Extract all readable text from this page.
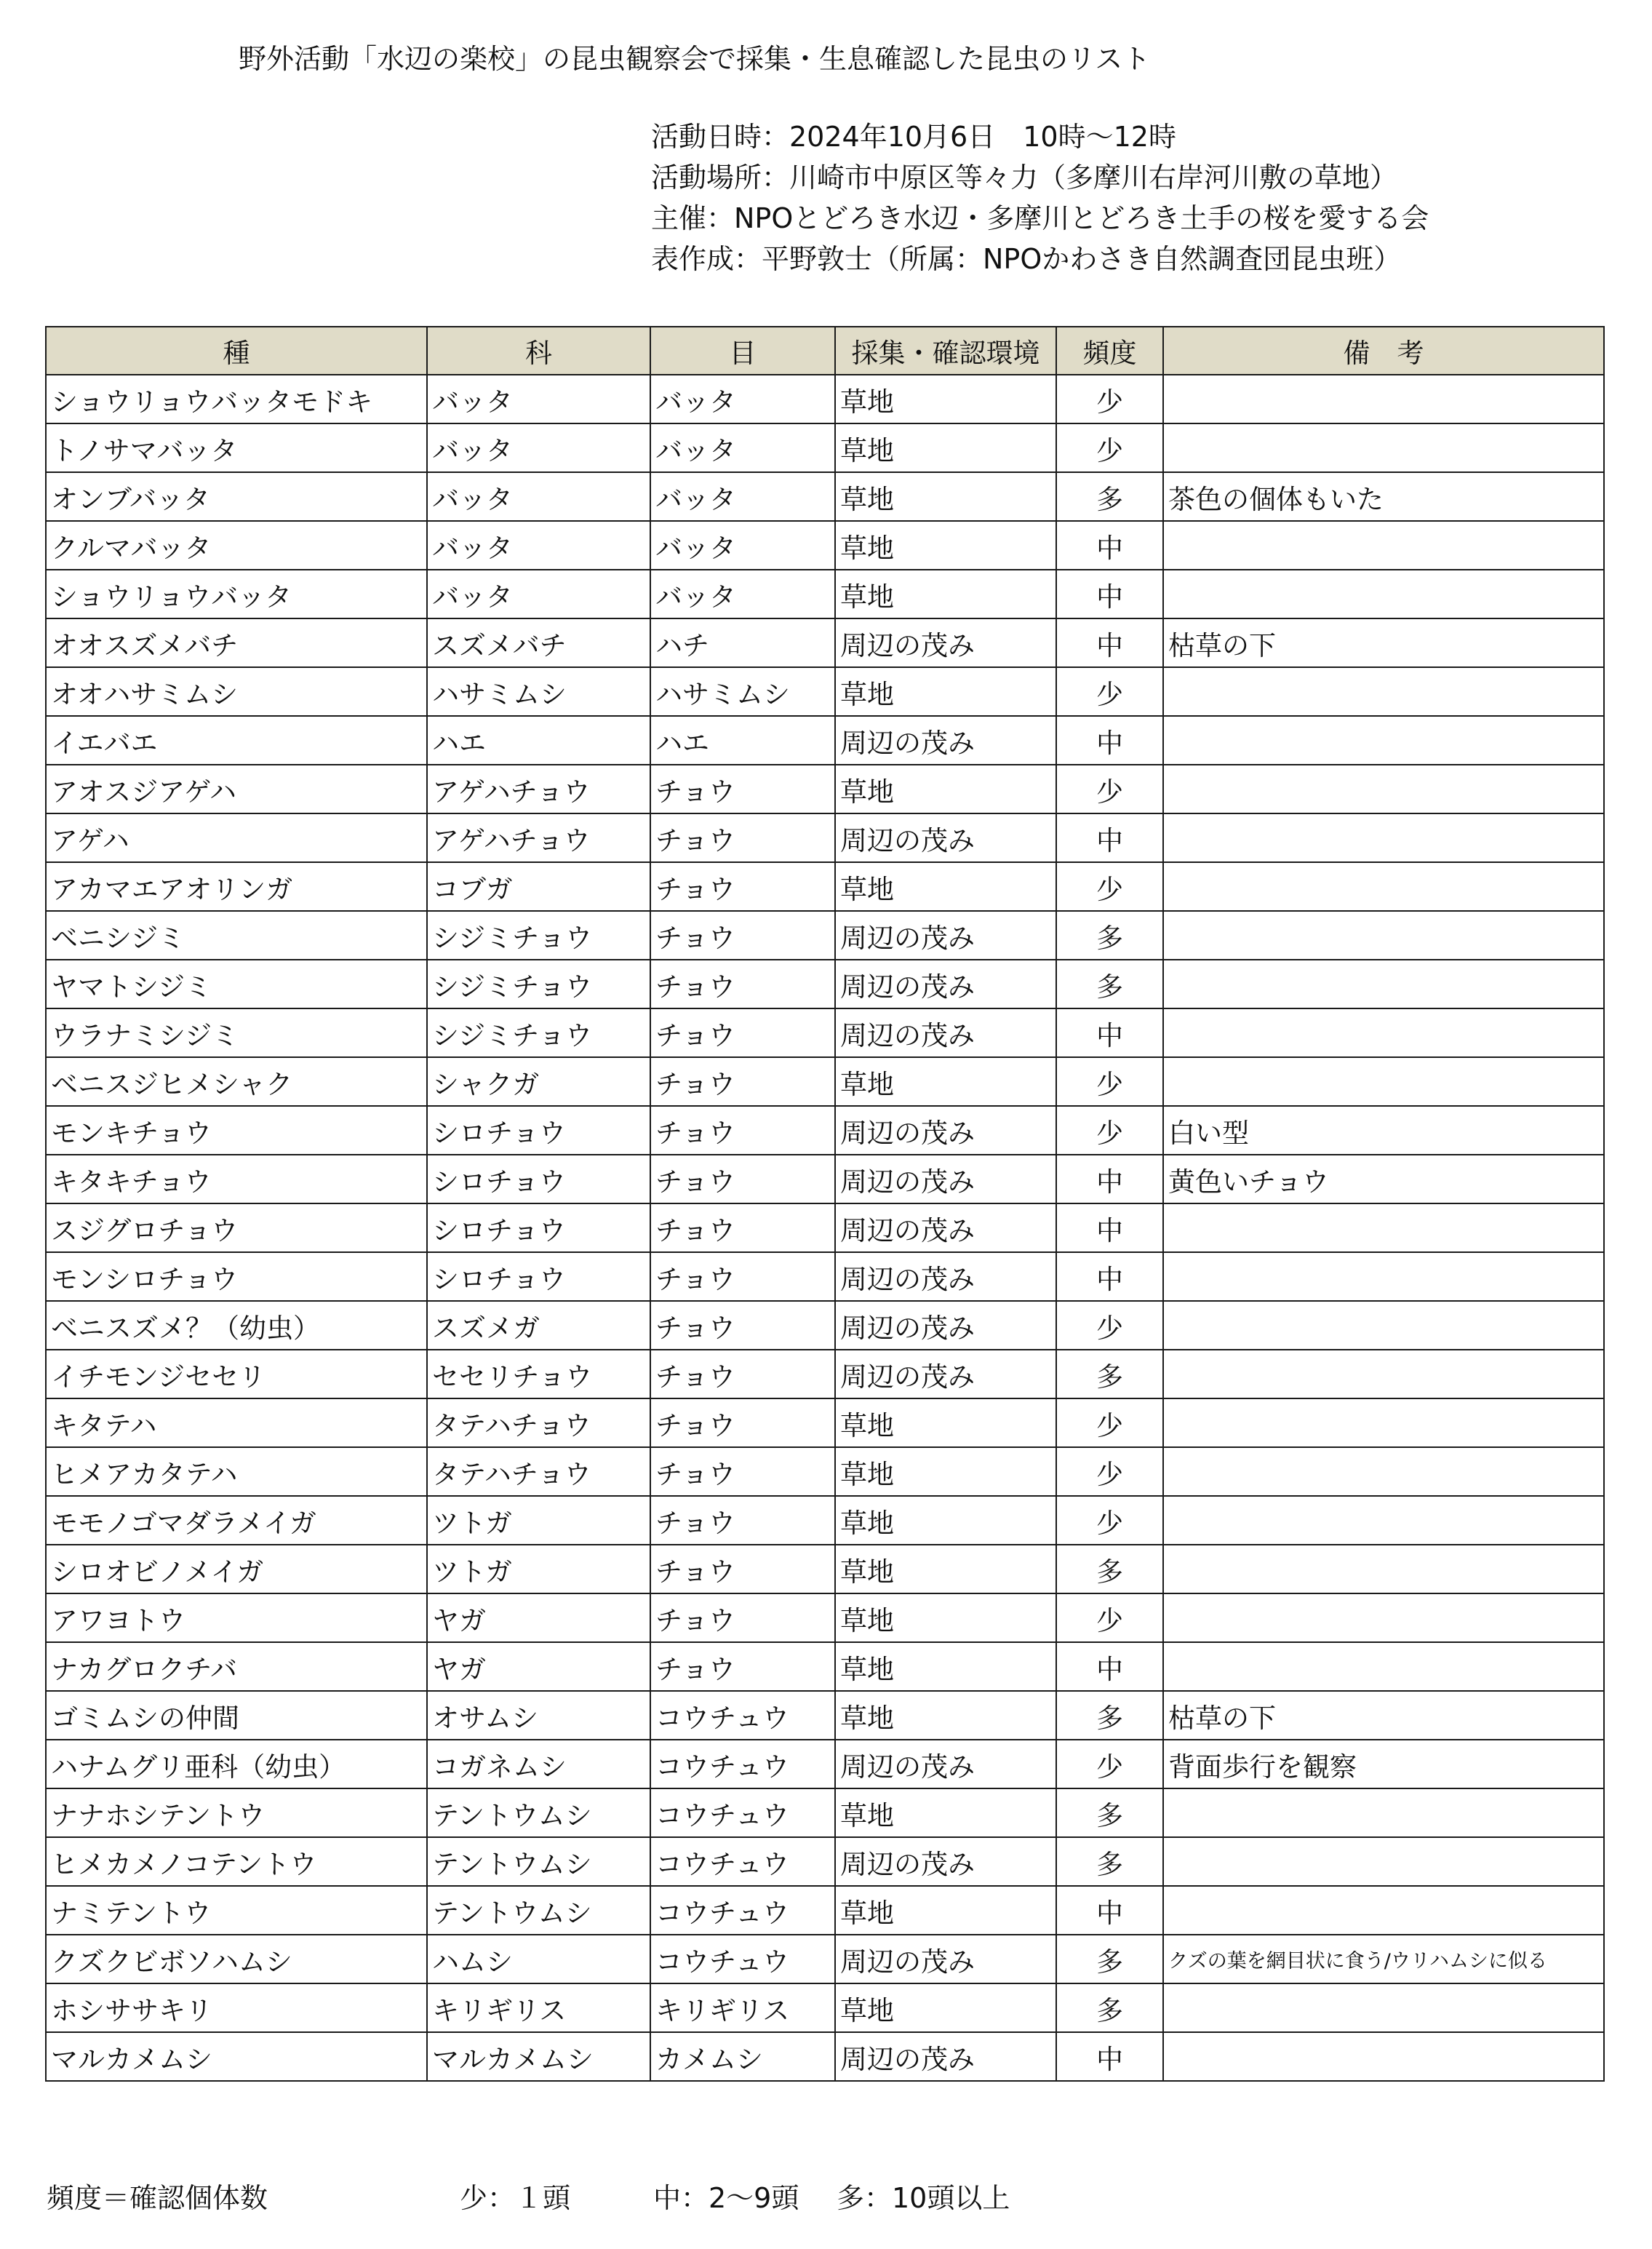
野外活動「水辺の楽校」の昆虫観察会で採集・生息確認した昆虫のリスト
活動日時：2024年10月6日　10時～12時
活動場所：川崎市中原区等々力（多摩川右岸河川敷の草地）
主催：NPOとどろき水辺・多摩川とどろき土手の桜を愛する会
表作成：平野敦士（所属：NPOかわさき自然調査団昆虫班）
種	科	目	採集・確認環境	頻度	備　考
ショウリョウバッタモドキ	バッタ	バッタ	草地	少	
トノサマバッタ	バッタ	バッタ	草地	少	
オンブバッタ	バッタ	バッタ	草地	多	茶色の個体もいた
クルマバッタ	バッタ	バッタ	草地	中	
ショウリョウバッタ	バッタ	バッタ	草地	中	
オオスズメバチ	スズメバチ	ハチ	周辺の茂み	中	枯草の下
オオハサミムシ	ハサミムシ	ハサミムシ	草地	少	
イエバエ	ハエ	ハエ	周辺の茂み	中	
アオスジアゲハ	アゲハチョウ	チョウ	草地	少	
アゲハ	アゲハチョウ	チョウ	周辺の茂み	中	
アカマエアオリンガ	コブガ	チョウ	草地	少	
ベニシジミ	シジミチョウ	チョウ	周辺の茂み	多	
ヤマトシジミ	シジミチョウ	チョウ	周辺の茂み	多	
ウラナミシジミ	シジミチョウ	チョウ	周辺の茂み	中	
ベニスジヒメシャク	シャクガ	チョウ	草地	少	
モンキチョウ	シロチョウ	チョウ	周辺の茂み	少	白い型
キタキチョウ	シロチョウ	チョウ	周辺の茂み	中	黄色いチョウ
スジグロチョウ	シロチョウ	チョウ	周辺の茂み	中	
モンシロチョウ	シロチョウ	チョウ	周辺の茂み	中	
ベニスズメ？（幼虫）	スズメガ	チョウ	周辺の茂み	少	
イチモンジセセリ	セセリチョウ	チョウ	周辺の茂み	多	
キタテハ	タテハチョウ	チョウ	草地	少	
ヒメアカタテハ	タテハチョウ	チョウ	草地	少	
モモノゴマダラメイガ	ツトガ	チョウ	草地	少	
シロオビノメイガ	ツトガ	チョウ	草地	多	
アワヨトウ	ヤガ	チョウ	草地	少	
ナカグロクチバ	ヤガ	チョウ	草地	中	
ゴミムシの仲間	オサムシ	コウチュウ	草地	多	枯草の下
ハナムグリ亜科（幼虫）	コガネムシ	コウチュウ	周辺の茂み	少	背面歩行を観察
ナナホシテントウ	テントウムシ	コウチュウ	草地	多	
ヒメカメノコテントウ	テントウムシ	コウチュウ	周辺の茂み	多	
ナミテントウ	テントウムシ	コウチュウ	草地	中	
クズクビボソハムシ	ハムシ	コウチュウ	周辺の茂み	多	クズの葉を網目状に食う/ウリハムシに似る
ホシササキリ	キリギリス	キリギリス	草地	多	
マルカメムシ	マルカメムシ	カメムシ	周辺の茂み	中	
頻度＝確認個体数	少：１頭	中：2～9頭 多：10頭以上
